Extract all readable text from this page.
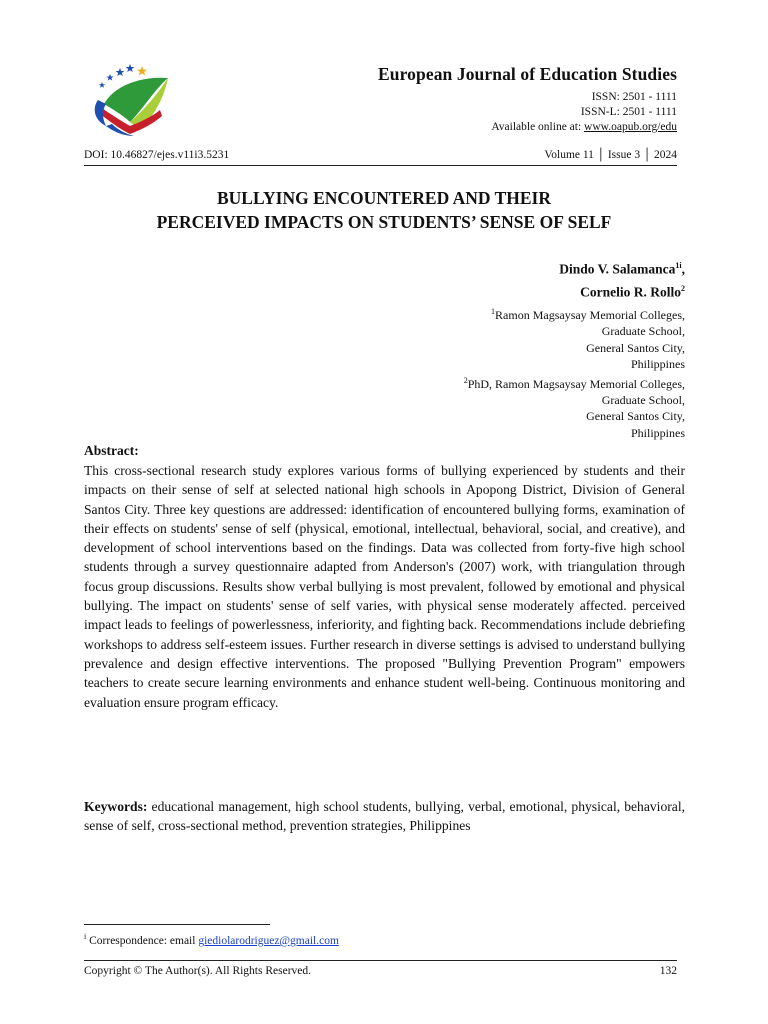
European Journal of Education Studies
ISSN: 2501 - 1111
ISSN-L: 2501 - 1111
Available online at: www.oapub.org/edu
DOI: 10.46827/ejes.v11i3.5231	Volume 11 │ Issue 3 │ 2024
BULLYING ENCOUNTERED AND THEIR
PERCEIVED IMPACTS ON STUDENTS’ SENSE OF SELF
Dindo V. Salamanca$^{1i}$,
Cornelio R. Rollo$^2$
$^1$Ramon Magsaysay Memorial Colleges,
Graduate School,
General Santos City,
Philippines
$^2$PhD, Ramon Magsaysay Memorial Colleges,
Graduate School,
General Santos City,
Philippines
Abstract:

This cross-sectional research study explores various forms of bullying experienced by students and their impacts on their sense of self at selected national high schools in Apopong District, Division of General Santos City. Three key questions are addressed: identification of encountered bullying forms, examination of their effects on students' sense of self (physical, emotional, intellectual, behavioral, social, and creative), and development of school interventions based on the findings. Data was collected from forty-five high school students through a survey questionnaire adapted from Anderson's (2007) work, with triangulation through focus group discussions. Results show verbal bullying is most prevalent, followed by emotional and physical bullying. The impact on students' sense of self varies, with physical sense moderately affected. perceived impact leads to feelings of powerlessness, inferiority, and fighting back. Recommendations include debriefing workshops to address self-esteem issues. Further research in diverse settings is advised to understand bullying prevalence and design effective interventions. The proposed "Bullying Prevention Program" empowers teachers to create secure learning environments and enhance student well-being. Continuous monitoring and evaluation ensure program efficacy.

Keywords: educational management, high school students, bullying, verbal, emotional, physical, behavioral, sense of self, cross-sectional method, prevention strategies, Philippines

$^i$ Correspondence: email giediolarodriguez@gmail.com
Copyright © The Author(s). All Rights Reserved.	132
